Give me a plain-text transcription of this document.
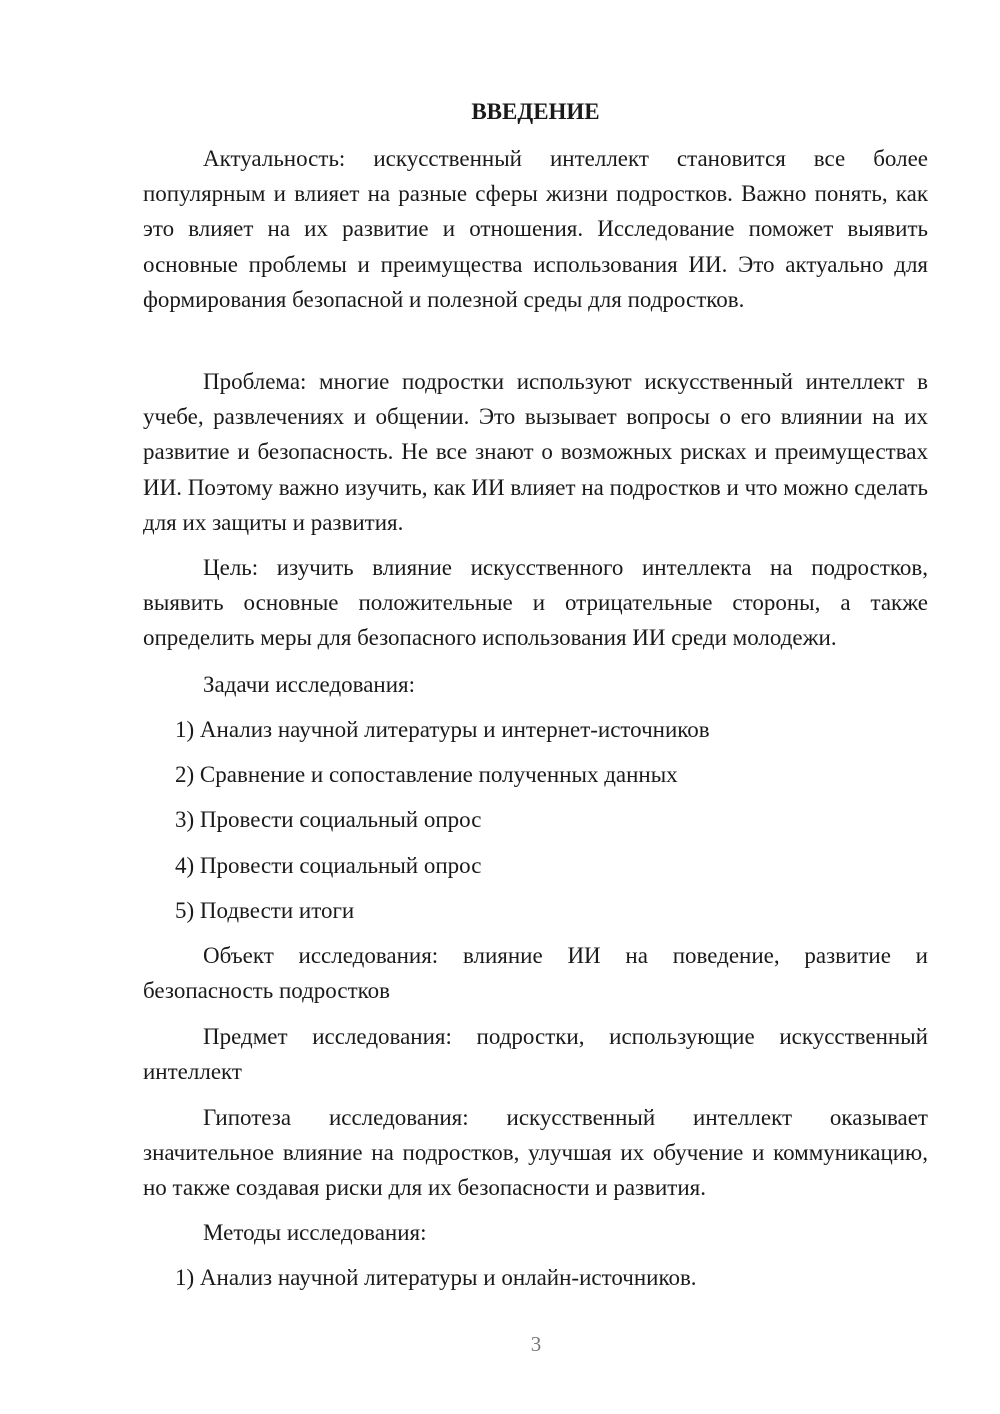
ВВЕДЕНИЕ

Актуальность: искусственный интеллект становится все более популярным и влияет на разные сферы жизни подростков. Важно понять, как это влияет на их развитие и отношения. Исследование поможет выявить основные проблемы и преимущества использования ИИ. Это актуально для формирования безопасной и полезной среды для подростков.

Проблема: многие подростки используют искусственный интеллект в учебе, развлечениях и общении. Это вызывает вопросы о его влиянии на их развитие и безопасность. Не все знают о возможных рисках и преимуществах ИИ. Поэтому важно изучить, как ИИ влияет на подростков и что можно сделать для их защиты и развития.

Цель: изучить влияние искусственного интеллекта на подростков, выявить основные положительные и отрицательные стороны, а также определить меры для безопасного использования ИИ среди молодежи.

Задачи исследования:

1) Анализ научной литературы и интернет-источников

2) Сравнение и сопоставление полученных данных

3) Провести социальный опрос

4) Провести социальный опрос

5) Подвести итоги

Объект исследования: влияние ИИ на поведение, развитие и безопасность подростков

Предмет исследования: подростки, использующие искусственный интеллект

Гипотеза исследования: искусственный интеллект оказывает значительное влияние на подростков, улучшая их обучение и коммуникацию, но также создавая риски для их безопасности и развития.

Методы исследования:

1) Анализ научной литературы и онлайн-источников.

3
